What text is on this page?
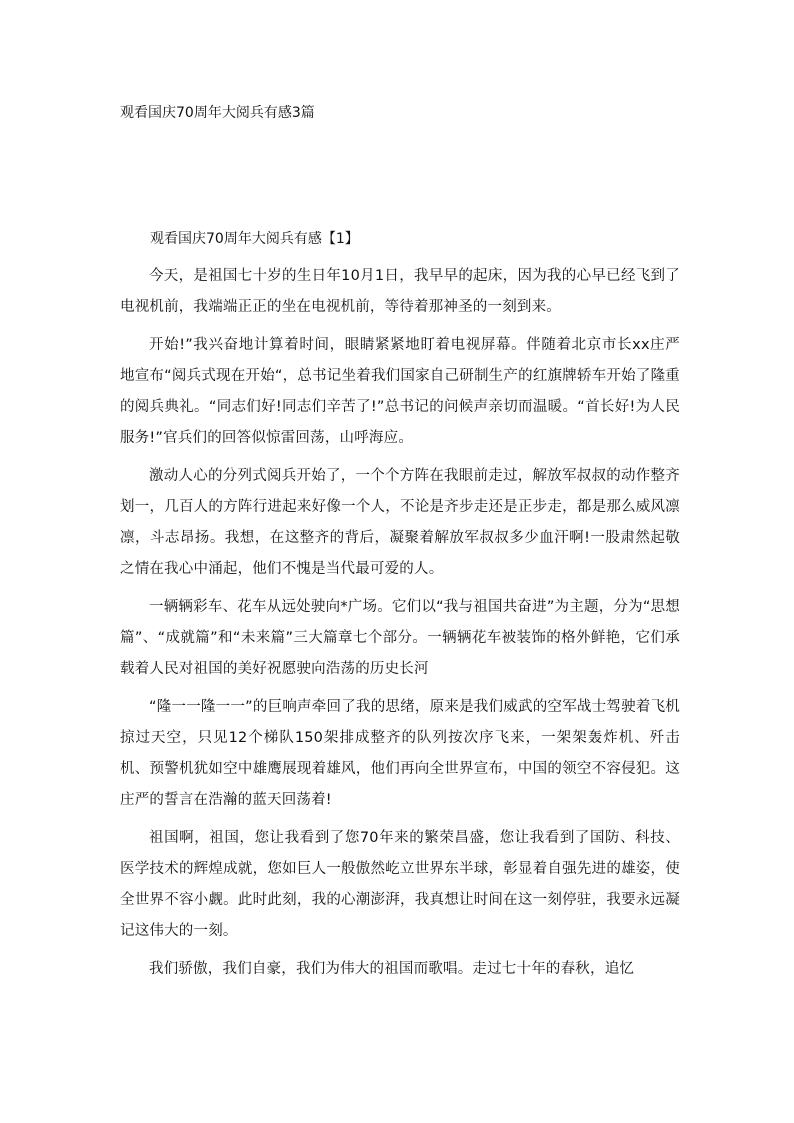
观看国庆70周年大阅兵有感3篇
观看国庆70周年大阅兵有感【1】

今天，是祖国七十岁的生日年10月1日，我早早的起床，因为我的心早已经飞到了电视机前，我端端正正的坐在电视机前，等待着那神圣的一刻到来。

开始!”我兴奋地计算着时间，眼睛紧紧地盯着电视屏幕。伴随着北京市长xx庄严地宣布“阅兵式现在开始“，总书记坐着我们国家自己研制生产的红旗牌轿车开始了隆重的阅兵典礼。“同志们好!同志们辛苦了!”总书记的问候声亲切而温暖。“首长好!为人民服务!”官兵们的回答似惊雷回荡，山呼海应。

激动人心的分列式阅兵开始了，一个个方阵在我眼前走过，解放军叔叔的动作整齐划一，几百人的方阵行进起来好像一个人，不论是齐步走还是正步走，都是那么威风凛凛，斗志昂扬。我想，在这整齐的背后，凝聚着解放军叔叔多少血汗啊!一股肃然起敬之情在我心中涌起，他们不愧是当代最可爱的人。

一辆辆彩车、花车从远处驶向*广场。它们以“我与祖国共奋进”为主题，分为“思想篇”、“成就篇”和“未来篇”三大篇章七个部分。一辆辆花车被装饰的格外鲜艳，它们承载着人民对祖国的美好祝愿驶向浩荡的历史长河

“隆一一隆一一”的巨响声牵回了我的思绪，原来是我们威武的空军战士驾驶着飞机掠过天空，只见12个梯队150架排成整齐的队列按次序飞来，一架架轰炸机、歼击机、预警机犹如空中雄鹰展现着雄风，他们再向全世界宣布，中国的领空不容侵犯。这庄严的誓言在浩瀚的蓝天回荡着!

祖国啊，祖国，您让我看到了您70年来的繁荣昌盛，您让我看到了国防、科技、医学技术的辉煌成就，您如巨人一般傲然屹立世界东半球，彰显着自强先进的雄姿，使全世界不容小觑。此时此刻，我的心潮澎湃，我真想让时间在这一刻停驻，我要永远凝记这伟大的一刻。

我们骄傲，我们自豪，我们为伟大的祖国而歌唱。走过七十年的春秋，追忆
